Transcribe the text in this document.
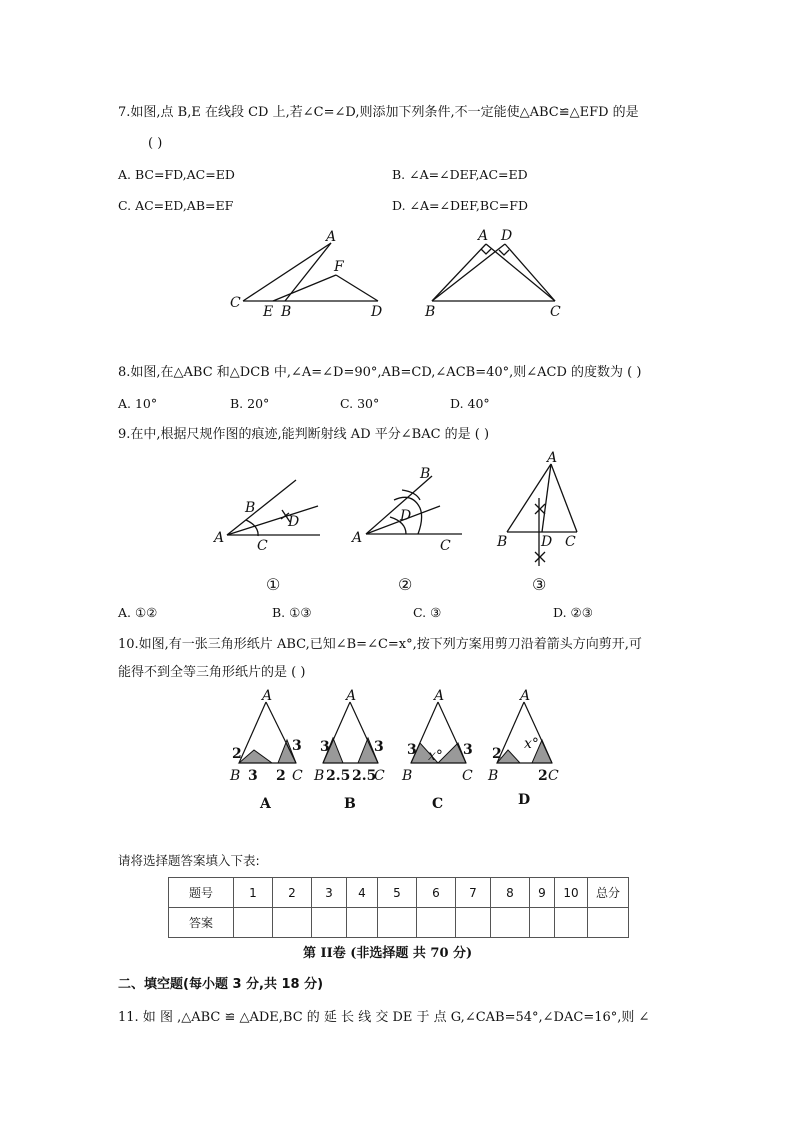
7.如图,点 B,E 在线段 CD 上,若∠C=∠D,则添加下列条件,不一定能使△ABC≌△EFD 的是
( )
A. BC=FD,AC=ED	B. ∠A=∠DEF,AC=ED
C. AC=ED,AB=EF	D. ∠A=∠DEF,BC=FD
A
F
C
E B	D
A D
B	C
8.如图,在△ABC 和△DCB 中,∠A=∠D=90°,AB=CD,∠ACB=40°,则∠ACD 的度数为 ( )
A. 10°	B. 20°	C. 30°	D. 40°
9.在中,根据尺规作图的痕迹,能判断射线 AD 平分∠BAC 的是 ( )
A
B
C
D
A
B
C
D
A
B	C
D
①	②	③
A. ①②	B. ①③	C. ③	D. ②③
10.如图,有一张三角形纸片 ABC,已知∠B=∠C=x°,按下列方案用剪刀沿着箭头方向剪开,可
能得不到全等三角形纸片的是 ( )
A
B	C
2
3 2
3
A
A
B	C
3	3
2.5 2.5
B
A
B	C
3	3
x°
C
A
B	C
2
2
x°
D
请将选择题答案填入下表:
题号	1	2	3	4	5	6	7	8	9	10	总分
答案											
第 II卷 (非选择题 共 70 分)
二、填空题(每小题 3 分,共 18 分)
11. 如 图 ,△ABC ≌ △ADE,BC 的 延 长 线 交 DE 于 点 G,∠CAB=54°,∠DAC=16°,则 ∠
